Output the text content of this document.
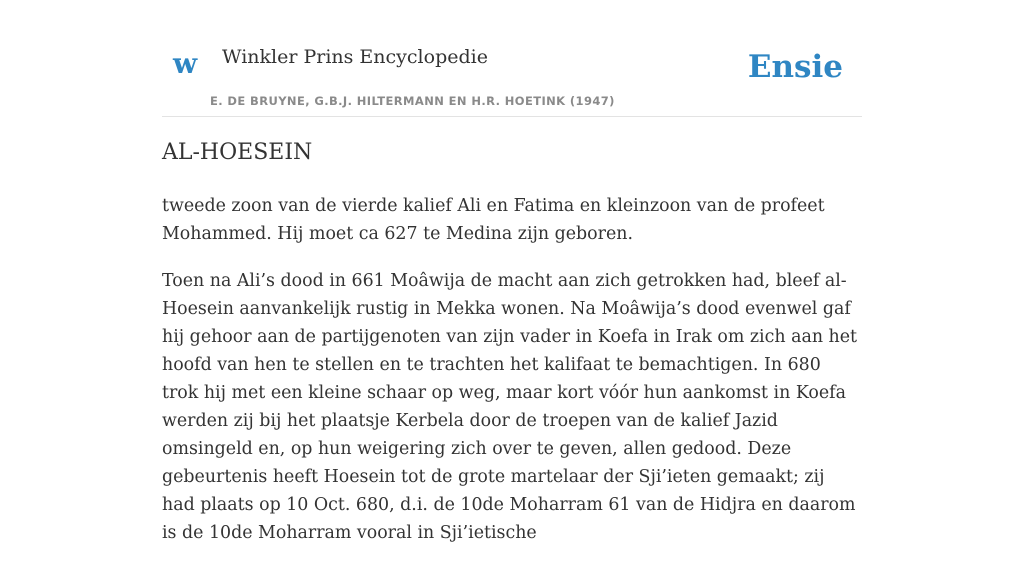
w Winkler Prins Encyclopedie
E. DE BRUYNE, G.B.J. HILTERMANN EN H.R. HOETINK (1947)
Ensie
AL-HOESEIN

tweede zoon van de vierde kalief Ali en Fatima en kleinzoon van de profeet Mohammed. Hij moet ca 627 te Medina zijn geboren.

Toen na Ali’s dood in 661 Moâwija de macht aan zich getrokken had, bleef al-Hoesein aanvankelijk rustig in Mekka wonen. Na Moâwija’s dood evenwel gaf hij gehoor aan de partijgenoten van zijn vader in Koefa in Irak om zich aan het hoofd van hen te stellen en te trachten het kalifaat te bemachtigen. In 680 trok hij met een kleine schaar op weg, maar kort vóór hun aankomst in Koefa werden zij bij het plaatsje Kerbela door de troepen van de kalief Jazid omsingeld en, op hun weigering zich over te geven, allen gedood. Deze gebeurtenis heeft Hoesein tot de grote martelaar der Sji’ieten gemaakt; zij had plaats op 10 Oct. 680, d.i. de 10de Moharram 61 van de Hidjra en daarom is de 10de Moharram vooral in Sji’ietische
